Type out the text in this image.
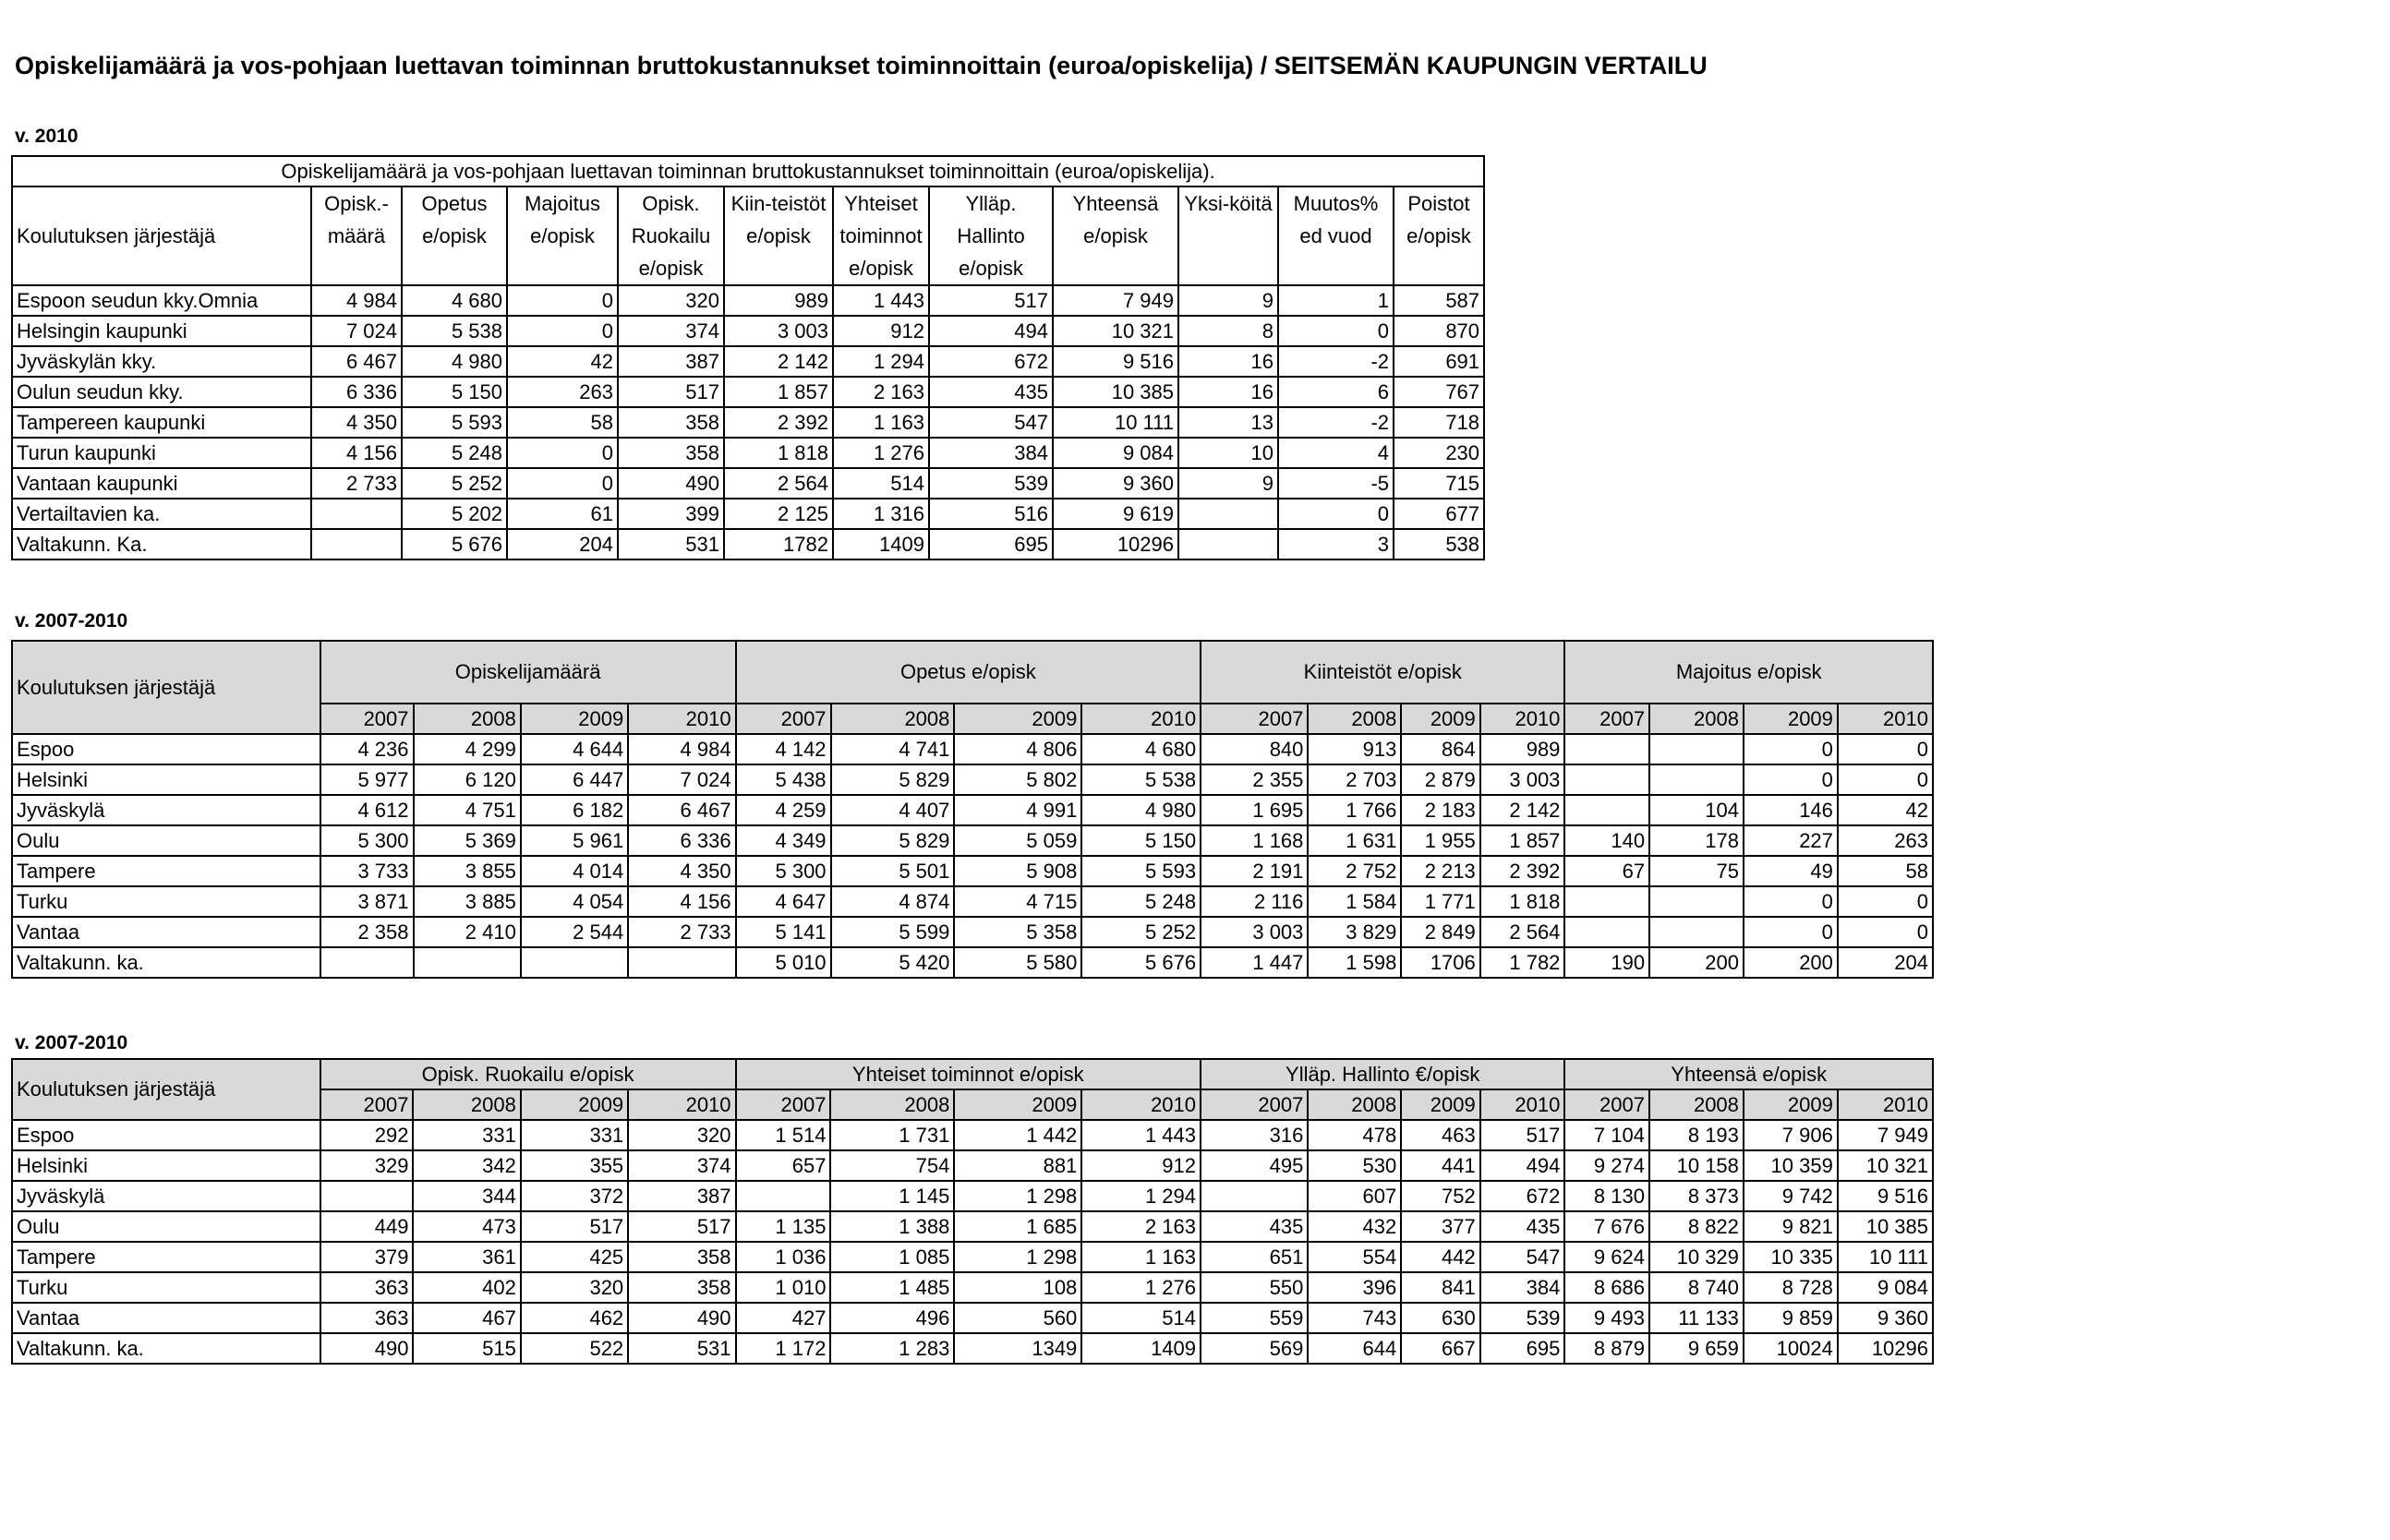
Opiskelijamäärä ja vos-pohjaan luettavan toiminnan bruttokustannukset toiminnoittain (euroa/opiskelija) / SEITSEMÄN KAUPUNGIN VERTAILU
v. 2010
Opiskelijamäärä ja vos-pohjaan luettavan toiminnan bruttokustannukset toiminnoittain (euroa/opiskelija).											
Koulutuksen järjestäjä	Opisk.-määrä	Opetus e/opisk	Majoitus e/opisk	Opisk. Ruokailu e/opisk	Kiin-teistöt e/opisk	Yhteiset toiminnot e/opisk	Ylläp. Hallinto e/opisk	Yhteensä e/opisk	Yksi-köitä	Muutos% ed vuod	Poistot e/opisk
Espoon seudun kky.Omnia	4 984	4 680	0	320	989	1 443	517	7 949	9	1	587
Helsingin kaupunki	7 024	5 538	0	374	3 003	912	494	10 321	8	0	870
Jyväskylän kky.	6 467	4 980	42	387	2 142	1 294	672	9 516	16	-2	691
Oulun seudun kky.	6 336	5 150	263	517	1 857	2 163	435	10 385	16	6	767
Tampereen kaupunki	4 350	5 593	58	358	2 392	1 163	547	10 111	13	-2	718
Turun kaupunki	4 156	5 248	0	358	1 818	1 276	384	9 084	10	4	230
Vantaan kaupunki	2 733	5 252	0	490	2 564	514	539	9 360	9	-5	715
Vertailtavien ka.		5 202	61	399	2 125	1 316	516	9 619		0	677
Valtakunn. Ka.		5 676	204	531	1782	1409	695	10296		3	538
v. 2007-2010
Koulutuksen järjestäjä	Opiskelijamäärä				Opetus e/opisk				Kiinteistöt e/opisk				Majoitus e/opisk			
	2007	2008	2009	2010	2007	2008	2009	2010	2007	2008	2009	2010	2007	2008	2009	2010
Espoo	4 236	4 299	4 644	4 984	4 142	4 741	4 806	4 680	840	913	864	989			0	0
Helsinki	5 977	6 120	6 447	7 024	5 438	5 829	5 802	5 538	2 355	2 703	2 879	3 003			0	0
Jyväskylä	4 612	4 751	6 182	6 467	4 259	4 407	4 991	4 980	1 695	1 766	2 183	2 142		104	146	42
Oulu	5 300	5 369	5 961	6 336	4 349	5 829	5 059	5 150	1 168	1 631	1 955	1 857	140	178	227	263
Tampere	3 733	3 855	4 014	4 350	5 300	5 501	5 908	5 593	2 191	2 752	2 213	2 392	67	75	49	58
Turku	3 871	3 885	4 054	4 156	4 647	4 874	4 715	5 248	2 116	1 584	1 771	1 818			0	0
Vantaa	2 358	2 410	2 544	2 733	5 141	5 599	5 358	5 252	3 003	3 829	2 849	2 564			0	0
Valtakunn. ka.					5 010	5 420	5 580	5 676	1 447	1 598	1706	1 782	190	200	200	204
v. 2007-2010
Koulutuksen järjestäjä	Opisk. Ruokailu e/opisk				Yhteiset toiminnot e/opisk				Ylläp. Hallinto €/opisk				Yhteensä e/opisk			
	2007	2008	2009	2010	2007	2008	2009	2010	2007	2008	2009	2010	2007	2008	2009	2010
Espoo	292	331	331	320	1 514	1 731	1 442	1 443	316	478	463	517	7 104	8 193	7 906	7 949
Helsinki	329	342	355	374	657	754	881	912	495	530	441	494	9 274	10 158	10 359	10 321
Jyväskylä		344	372	387		1 145	1 298	1 294		607	752	672	8 130	8 373	9 742	9 516
Oulu	449	473	517	517	1 135	1 388	1 685	2 163	435	432	377	435	7 676	8 822	9 821	10 385
Tampere	379	361	425	358	1 036	1 085	1 298	1 163	651	554	442	547	9 624	10 329	10 335	10 111
Turku	363	402	320	358	1 010	1 485	108	1 276	550	396	841	384	8 686	8 740	8 728	9 084
Vantaa	363	467	462	490	427	496	560	514	559	743	630	539	9 493	11 133	9 859	9 360
Valtakunn. ka.	490	515	522	531	1 172	1 283	1349	1409	569	644	667	695	8 879	9 659	10024	10296
